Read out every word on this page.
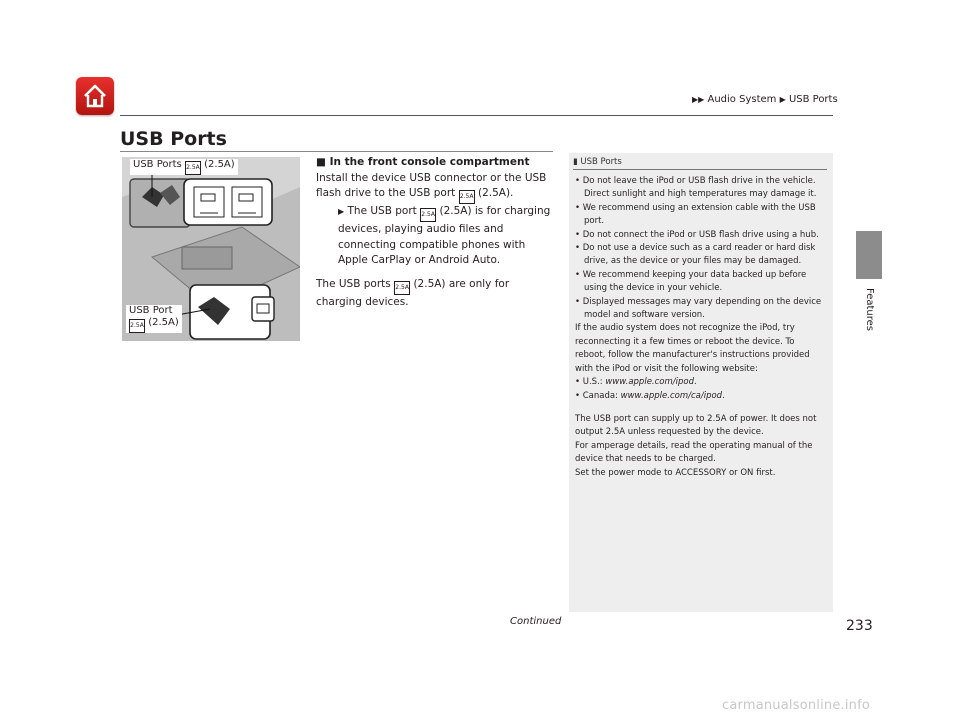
▶▶ Audio System ▶ USB Ports
USB Ports
Features
USB Ports 2.5A (2.5A)
USB Port
2.5A (2.5A)

■ In the front console compartment

Install the device USB connector or the USB flash drive to the USB port 2.5A (2.5A).

▶ The USB port 2.5A (2.5A) is for charging devices, playing audio files and connecting compatible phones with Apple CarPlay or Android Auto.

The USB ports 2.5A (2.5A) are only for charging devices.

▮ USB Ports

• Do not leave the iPod or USB flash drive in the vehicle. Direct sunlight and high temperatures may damage it.

• We recommend using an extension cable with the USB port.

• Do not connect the iPod or USB flash drive using a hub.

• Do not use a device such as a card reader or hard disk drive, as the device or your files may be damaged.

• We recommend keeping your data backed up before using the device in your vehicle.

• Displayed messages may vary depending on the device model and software version.

If the audio system does not recognize the iPod, try reconnecting it a few times or reboot the device. To reboot, follow the manufacturer's instructions provided with the iPod or visit the following website:

• U.S.: www.apple.com/ipod.

• Canada: www.apple.com/ca/ipod.

The USB port can supply up to 2.5A of power. It does not output 2.5A unless requested by the device.

For amperage details, read the operating manual of the device that needs to be charged.

Set the power mode to ACCESSORY or ON first.

Continued	233
carmanualsonline.info
